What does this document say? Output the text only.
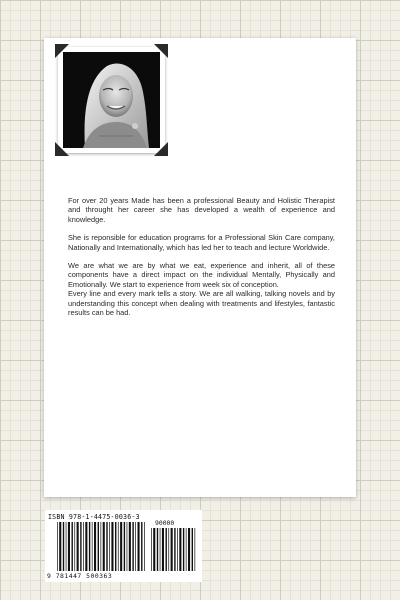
For over 20 years Made has been a professional Beauty and Holistic Therapist and throught her career she has developed a wealth of experience and knowledge.

She is reponsible for education programs for a Professional Skin Care company, Nationally and Internationally, which has led her to teach and lecture Worldwide.

We are what we are by what we eat, experience and inherit, all of these components have a direct impact on the individual Mentally, Physically and Emotionally. We start to experience from week six of conception.

Every line and every mark tells a story. We are all walking, talking novels and by understanding this concept when dealing with treatments and lifestyles, fantastic results can be had.

90000
ISBN 978-1-4475-0036-3
9 781447 500363
